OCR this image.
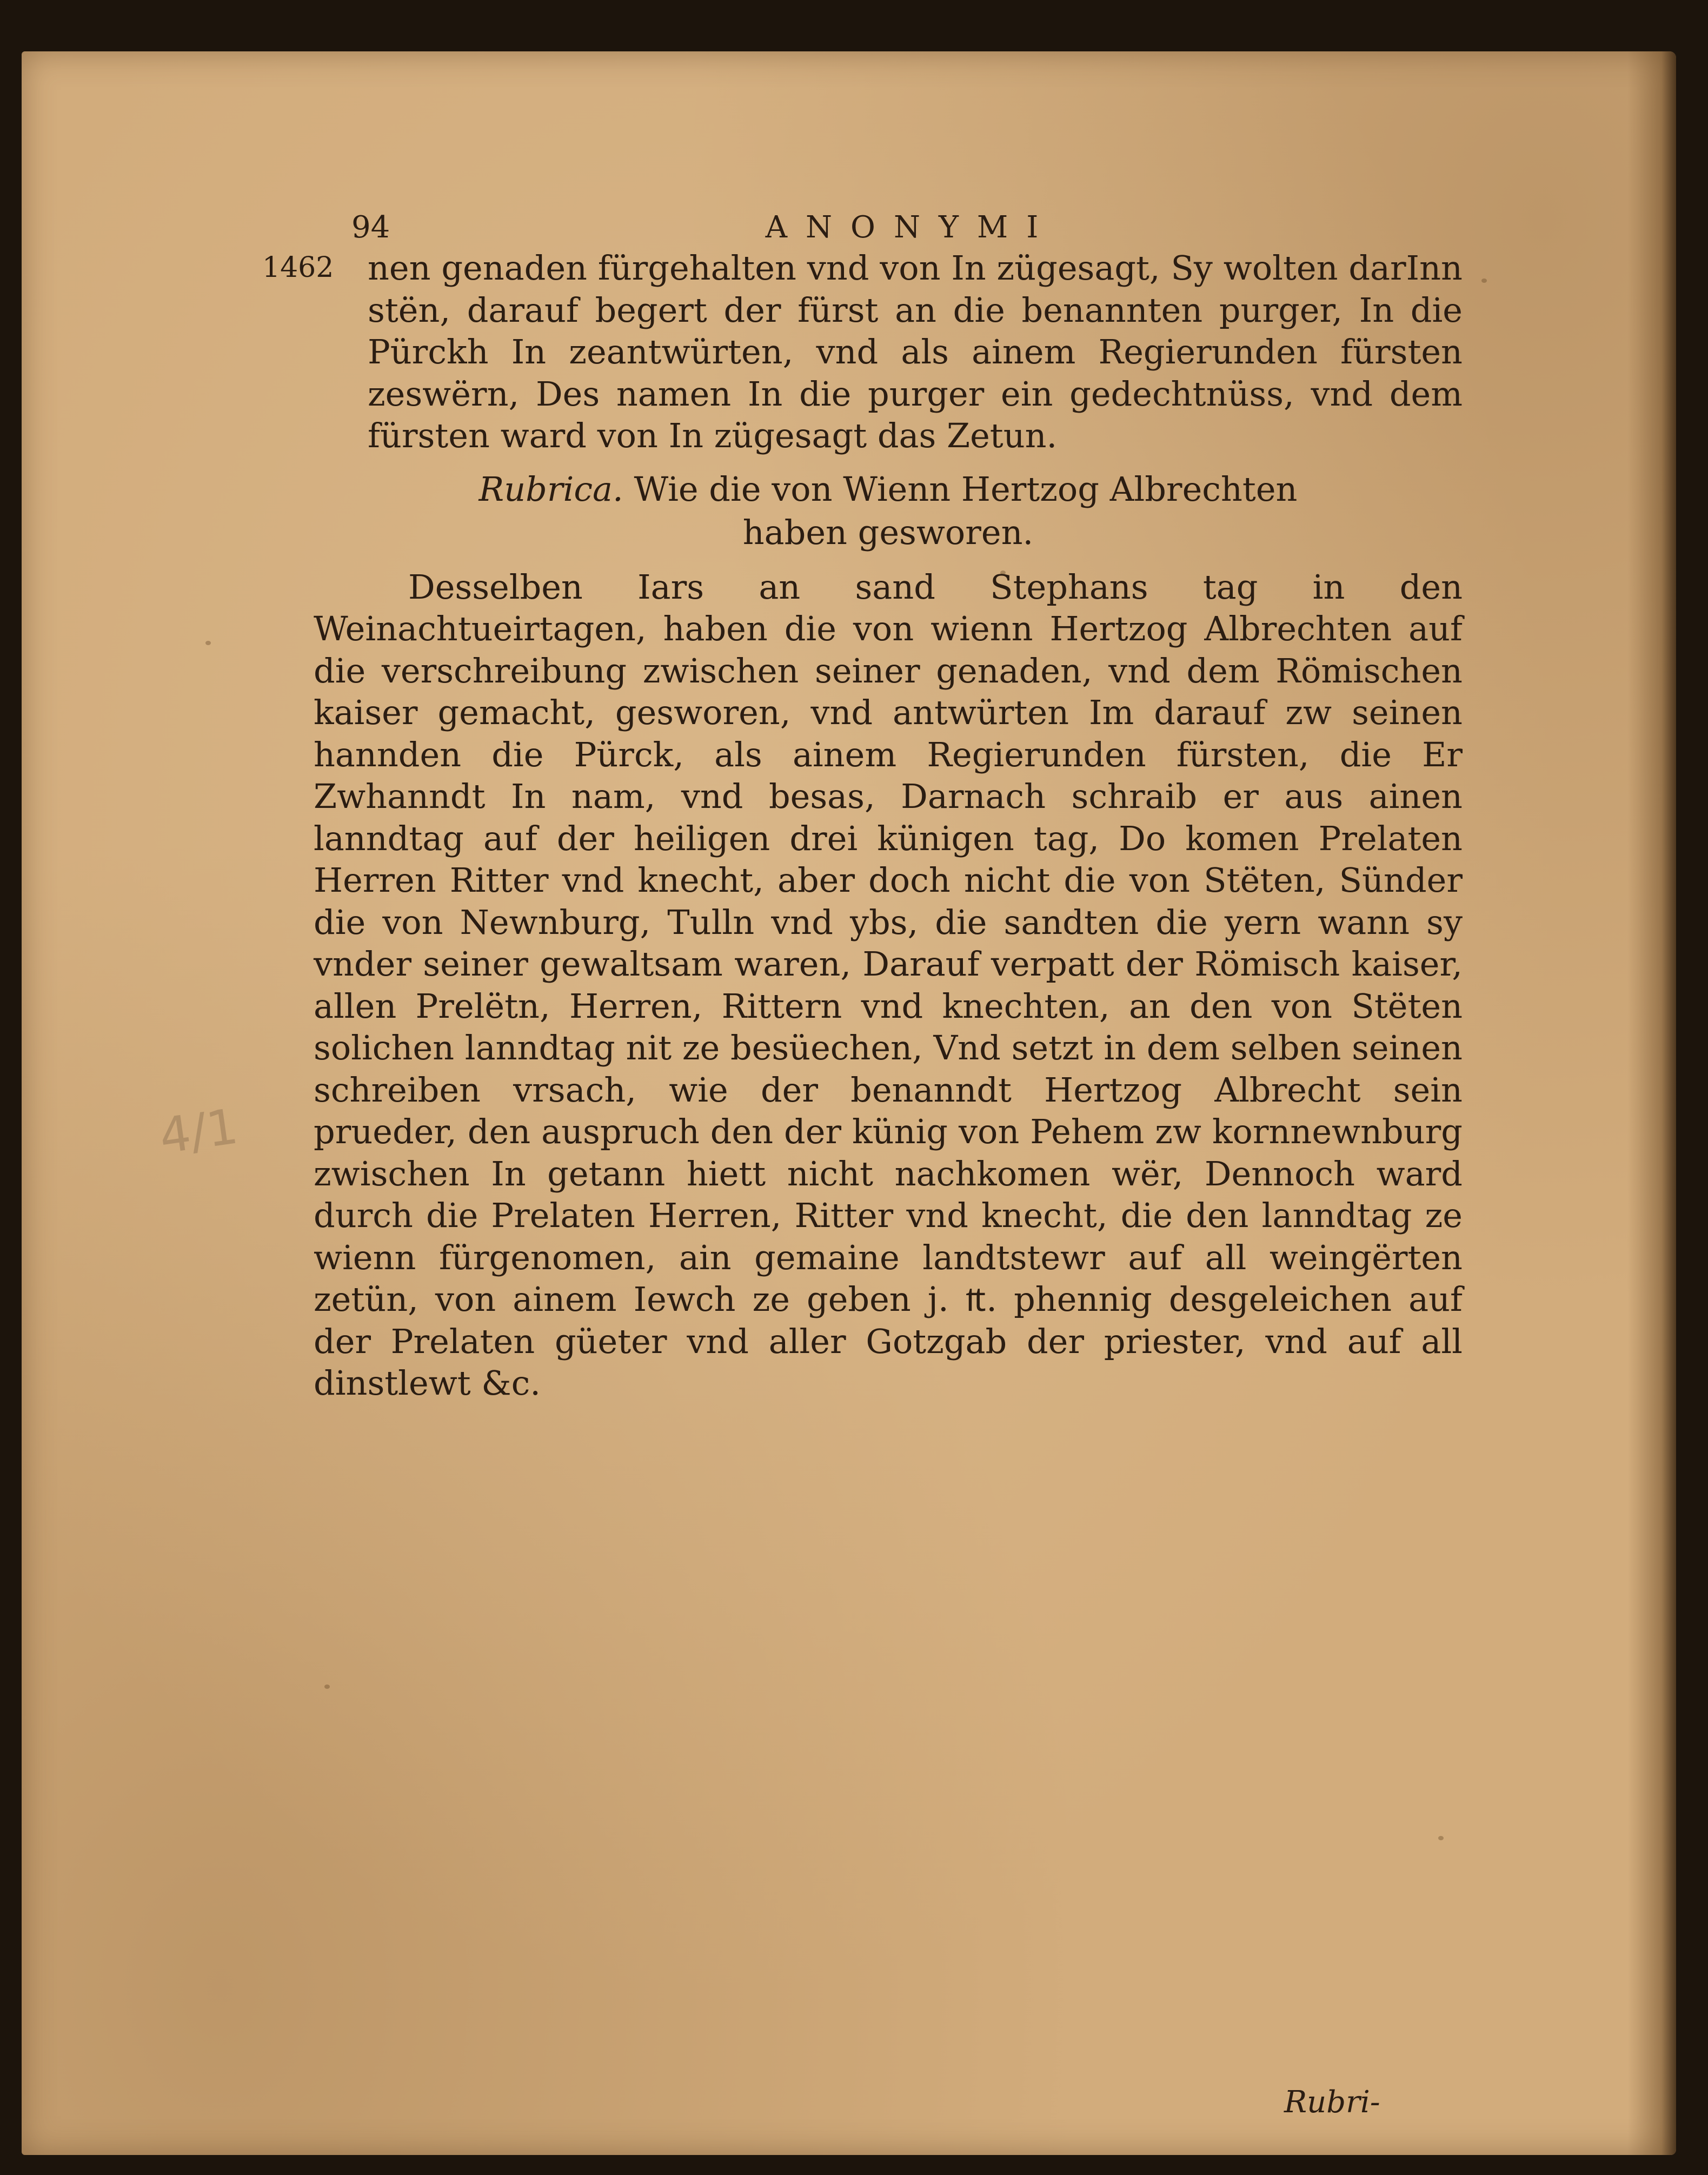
4/1
94	ANONYMI

1462 nen genaden fürgehalten vnd von In zügesagt, Sy wolten darInn stën, darauf begert der fürst an die benannten purger, In die Pürckh In zeantwürten, vnd als ainem Regierunden fürsten zeswërn, Des namen In die purger ein gedechtnüss, vnd dem fürsten ward von In zügesagt das Zetun.

Rubrica. Wie die von Wienn Hertzog Albrechten
haben gesworen.

Desselben Iars an sand Stephans tag in den Weinachtueirtagen, haben die von wienn Hertzog Albrechten auf die verschreibung zwischen seiner genaden, vnd dem Römischen kaiser gemacht, gesworen, vnd antwürten Im darauf zw seinen hannden die Pürck, als ainem Regierunden fürsten, die Er Zwhanndt In nam, vnd besas, Darnach schraib er aus ainen lanndtag auf der heiligen drei künigen tag, Do komen Prelaten Herren Ritter vnd knecht, aber doch nicht die von Stëten, Sünder die von Newnburg, Tulln vnd ybs, die sandten die yern wann sy vnder seiner gewaltsam waren, Darauf verpatt der Römisch kaiser, allen Prelëtn, Herren, Rittern vnd knechten, an den von Stëten solichen lanndtag nit ze besüechen, Vnd setzt in dem selben seinen schreiben vrsach, wie der benanndt Hertzog Albrecht sein prueder, den auspruch den der künig von Pehem zw kornnewnburg zwischen In getann hiett nicht nachkomen wër, Dennoch ward durch die Prelaten Herren, Ritter vnd knecht, die den lanndtag ze wienn fürgenomen, ain gemaine landtstewr auf all weingërten zetün, von ainem Iewch ze geben j. ₶. phennig desgeleichen auf der Prelaten güeter vnd aller Gotzgab der priester, vnd auf all dinstlewt &c.

Rubri-
